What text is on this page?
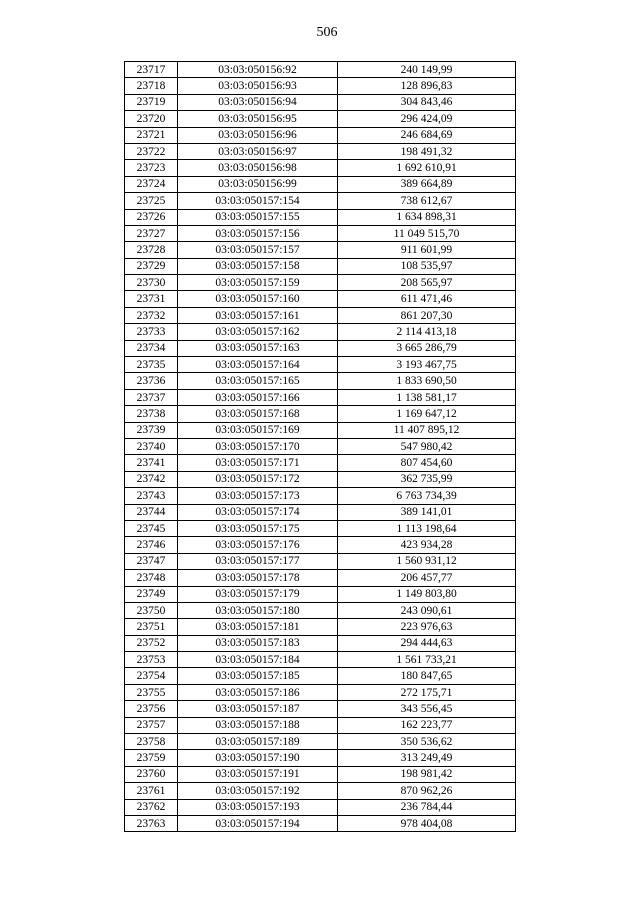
506
23717	03:03:050156:92	240 149,99
23718	03:03:050156:93	128 896,83
23719	03:03:050156:94	304 843,46
23720	03:03:050156:95	296 424,09
23721	03:03:050156:96	246 684,69
23722	03:03:050156:97	198 491,32
23723	03:03:050156:98	1 692 610,91
23724	03:03:050156:99	389 664,89
23725	03:03:050157:154	738 612,67
23726	03:03:050157:155	1 634 898,31
23727	03:03:050157:156	11 049 515,70
23728	03:03:050157:157	911 601,99
23729	03:03:050157:158	108 535,97
23730	03:03:050157:159	208 565,97
23731	03:03:050157:160	611 471,46
23732	03:03:050157:161	861 207,30
23733	03:03:050157:162	2 114 413,18
23734	03:03:050157:163	3 665 286,79
23735	03:03:050157:164	3 193 467,75
23736	03:03:050157:165	1 833 690,50
23737	03:03:050157:166	1 138 581,17
23738	03:03:050157:168	1 169 647,12
23739	03:03:050157:169	11 407 895,12
23740	03:03:050157:170	547 980,42
23741	03:03:050157:171	807 454,60
23742	03:03:050157:172	362 735,99
23743	03:03:050157:173	6 763 734,39
23744	03:03:050157:174	389 141,01
23745	03:03:050157:175	1 113 198,64
23746	03:03:050157:176	423 934,28
23747	03:03:050157:177	1 560 931,12
23748	03:03:050157:178	206 457,77
23749	03:03:050157:179	1 149 803,80
23750	03:03:050157:180	243 090,61
23751	03:03:050157:181	223 976,63
23752	03:03:050157:183	294 444,63
23753	03:03:050157:184	1 561 733,21
23754	03:03:050157:185	180 847,65
23755	03:03:050157:186	272 175,71
23756	03:03:050157:187	343 556,45
23757	03:03:050157:188	162 223,77
23758	03:03:050157:189	350 536,62
23759	03:03:050157:190	313 249,49
23760	03:03:050157:191	198 981,42
23761	03:03:050157:192	870 962,26
23762	03:03:050157:193	236 784,44
23763	03:03:050157:194	978 404,08
